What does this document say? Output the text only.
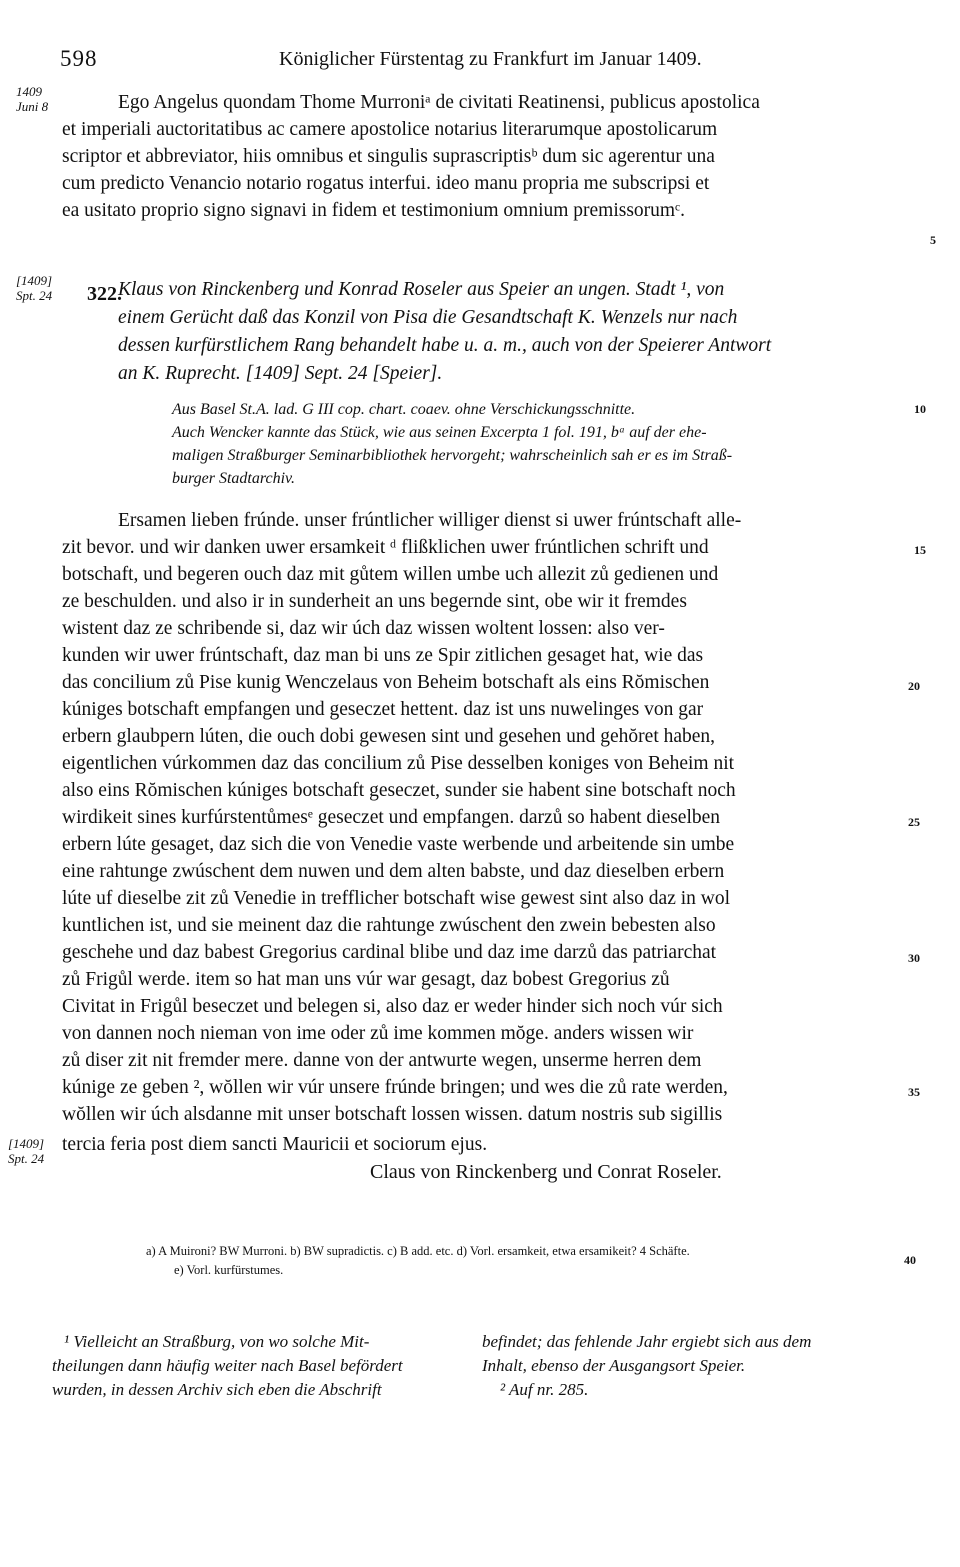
598	Königlicher Fürstentag zu Frankfurt im Januar 1409.
1409
Juni 8
[1409]
Spt. 24
[1409]
Spt. 24
5
10
15
20
25
30
35
40
Ego Angelus quondam Thome Murroniᵃ de civitati Reatinensi, publicus apostolica
et imperiali auctoritatibus ac camere apostolice notarius literarumque apostolicarum
scriptor et abbreviator, hiis omnibus et singulis suprascriptisᵇ dum sic agerentur una
cum predicto Venancio notario rogatus interfui. ideo manu propria me subscripsi et
ea usitato proprio signo signavi in fidem et testimonium omnium premissorumᶜ.
322.
Klaus von Rinckenberg und Konrad Roseler aus Speier an ungen. Stadt ¹, von
einem Gerücht daß das Konzil von Pisa die Gesandtschaft K. Wenzels nur nach
dessen kurfürstlichem Rang behandelt habe u. a. m., auch von der Speierer Antwort
an K. Ruprecht. [1409] Sept. 24 [Speier].
Aus Basel St.A. lad. G III cop. chart. coaev. ohne Verschickungsschnitte.
Auch Wencker kannte das Stück, wie aus seinen Excerpta 1 fol. 191, bᵃ auf der ehe-
maligen Straßburger Seminarbibliothek hervorgeht; wahrscheinlich sah er es im Straß-
burger Stadtarchiv.
Ersamen lieben frúnde. unser frúntlicher williger dienst si uwer frúntschaft alle-
zit bevor. und wir danken uwer ersamkeit ᵈ flißklichen uwer frúntlichen schrift und
botschaft, und begeren ouch daz mit gůtem willen umbe uch allezit zů gedienen und
ze beschulden. und also ir in sunderheit an uns begernde sint, obe wir it fremdes
wistent daz ze schribende si, daz wir úch daz wissen woltent lossen: also ver-
kunden wir uwer frúntschaft, daz man bi uns ze Spir zitlichen gesaget hat, wie das
das concilium zů Pise kunig Wenczelaus von Beheim botschaft als eins Rŏmischen
kúniges botschaft empfangen und geseczet hettent. daz ist uns nuwelinges von gar
erbern glaubpern lúten, die ouch dobi gewesen sint und gesehen und gehŏret haben,
eigentlichen vúrkommen daz das concilium zů Pise desselben koniges von Beheim nit
also eins Rŏmischen kúniges botschaft geseczet, sunder sie habent sine botschaft noch
wirdikeit sines kurfúrstentůmesᵉ geseczet und empfangen. darzů so habent dieselben
erbern lúte gesaget, daz sich die von Venedie vaste werbende und arbeitende sin umbe
eine rahtunge zwúschent dem nuwen und dem alten babste, und daz dieselben erbern
lúte uf dieselbe zit zů Venedie in trefflicher botschaft wise gewest sint also daz in wol
kuntlichen ist, und sie meinent daz die rahtunge zwúschent den zwein bebesten also
geschehe und daz babest Gregorius cardinal blibe und daz ime darzů das patriarchat
zů Frigůl werde. item so hat man uns vúr war gesagt, daz bobest Gregorius zů
Civitat in Frigůl beseczet und belegen si, also daz er weder hinder sich noch vúr sich
von dannen noch nieman von ime oder zů ime kommen mŏge. anders wissen wir
zů diser zit nit fremder mere. danne von der antwurte wegen, unserme herren dem
kúnige ze geben ², wŏllen wir vúr unsere frúnde bringen; und wes die zů rate werden,
wŏllen wir úch alsdanne mit unser botschaft lossen wissen. datum nostris sub sigillis
tercia feria post diem sancti Mauricii et sociorum ejus.
Claus von Rinckenberg und Conrat Roseler.
a) A Muironi? BW Murroni. b) BW supradictis. c) B add. etc. d) Vorl. ersamkeit, etwa ersamikeit? 4 Schäfte.
e) Vorl. kurfürstumes.
¹ Vielleicht an Straßburg, von wo solche Mit-
theilungen dann häufig weiter nach Basel befördert
wurden, in dessen Archiv sich eben die Abschrift
befindet; das fehlende Jahr ergiebt sich aus dem
Inhalt, ebenso der Ausgangsort Speier.
² Auf nr. 285.
